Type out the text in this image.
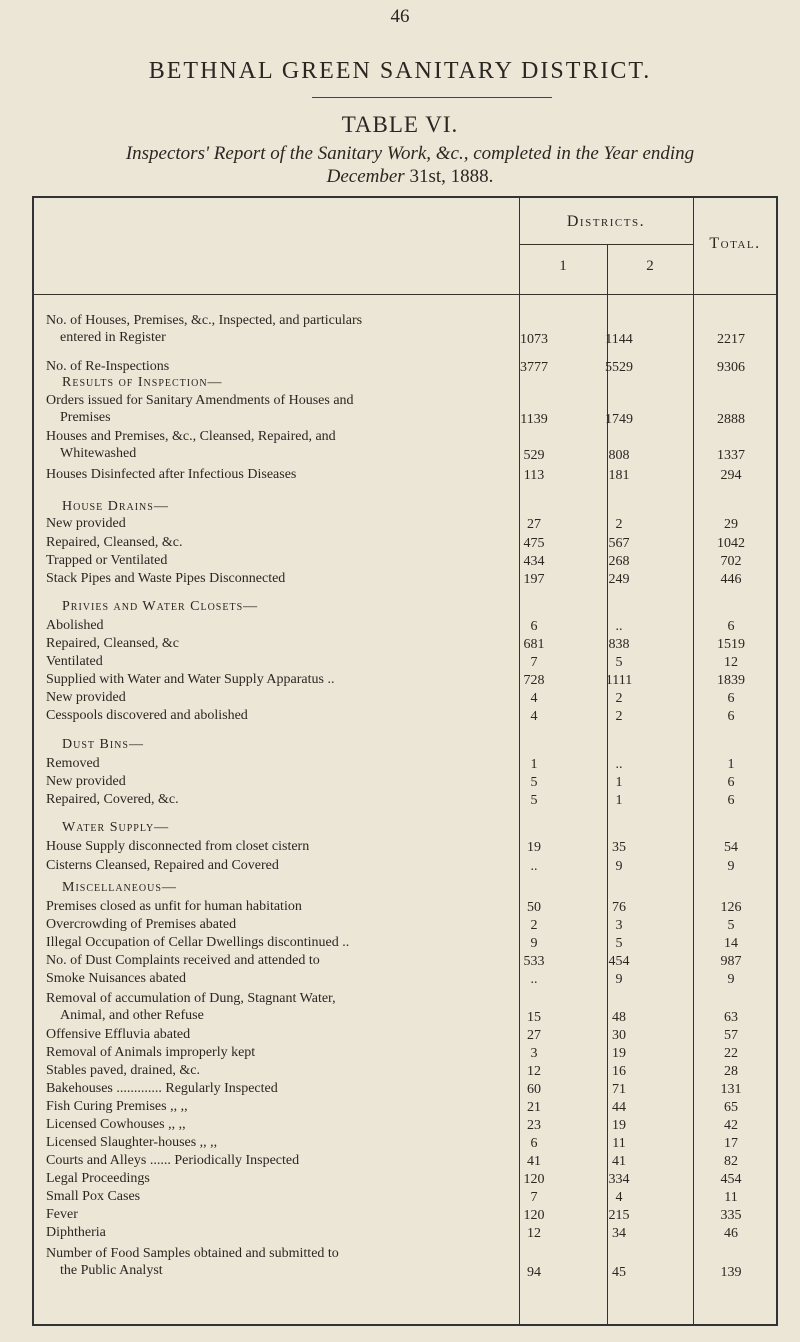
46
BETHNAL GREEN SANITARY DISTRICT.
TABLE VI.
Inspectors' Report of the Sanitary Work, &c., completed in the Year ending
December 31st, 1888.
Districts.
1	2
Total.
Results of Inspection—
House Drains—
Privies and Water Closets—
Dust Bins—
Water Supply—
Miscellaneous—
No. of Houses, Premises, &c., Inspected, and particulars
entered in Register	1073	1144	2217
No. of Re-Inspections	3777	5529	9306
Orders issued for Sanitary Amendments of Houses and
Premises	1139	1749	2888
Houses and Premises, &c., Cleansed, Repaired, and
Whitewashed	529	808	1337
Houses Disinfected after Infectious Diseases	113	181	294
New provided	27	2	29
Repaired, Cleansed, &c.	475	567	1042
Trapped or Ventilated	434	268	702
Stack Pipes and Waste Pipes Disconnected	197	249	446
Abolished	6	..	6
Repaired, Cleansed, &c	681	838	1519
Ventilated	7	5	12
Supplied with Water and Water Supply Apparatus ..	728	1111	1839
New provided	4	2	6
Cesspools discovered and abolished	4	2	6
Removed	1	..	1
New provided	5	1	6
Repaired, Covered, &c.	5	1	6
House Supply disconnected from closet cistern	19	35	54
Cisterns Cleansed, Repaired and Covered	..	9	9
Premises closed as unfit for human habitation	50	76	126
Overcrowding of Premises abated	2	3	5
Illegal Occupation of Cellar Dwellings discontinued ..	9	5	14
No. of Dust Complaints received and attended to	533	454	987
Smoke Nuisances abated	..	9	9
Removal of accumulation of Dung, Stagnant Water,
Animal, and other Refuse	15	48	63
Offensive Effluvia abated	27	30	57
Removal of Animals improperly kept	3	19	22
Stables paved, drained, &c.	12	16	28
Bakehouses ............. Regularly Inspected	60	71	131
Fish Curing Premises ,, ,,	21	44	65
Licensed Cowhouses ,, ,,	23	19	42
Licensed Slaughter-houses ,, ,,	6	11	17
Courts and Alleys ...... Periodically Inspected	41	41	82
Legal Proceedings	120	334	454
Small Pox Cases	7	4	11
Fever	120	215	335
Diphtheria	12	34	46
Number of Food Samples obtained and submitted to
the Public Analyst	94	45	139
